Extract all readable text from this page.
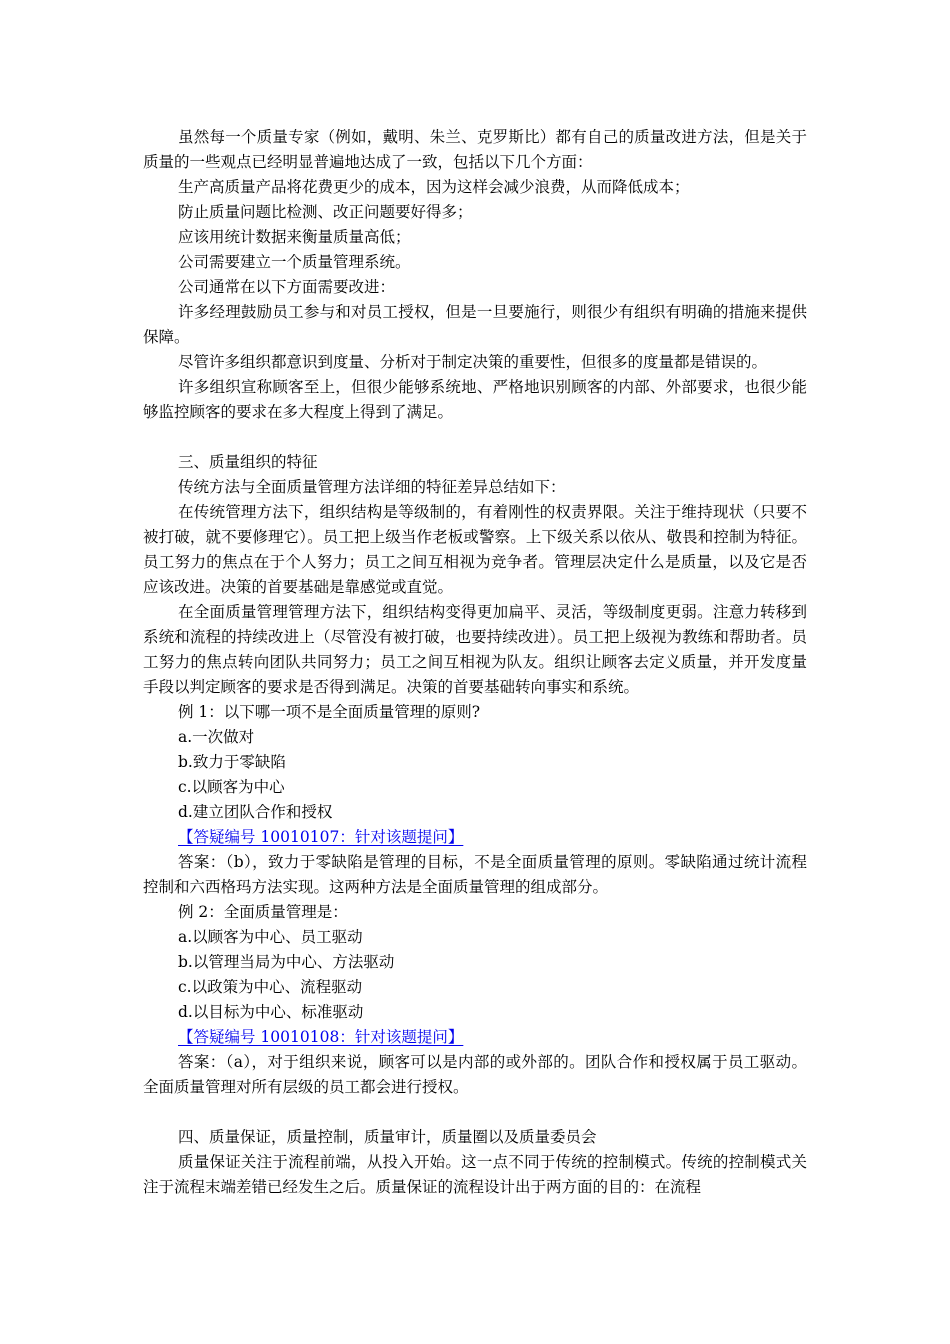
虽然每一个质量专家（例如，戴明、朱兰、克罗斯比）都有自己的质量改进方法，但是关于质量的一些观点已经明显普遍地达成了一致，包括以下几个方面：

生产高质量产品将花费更少的成本，因为这样会减少浪费，从而降低成本；

防止质量问题比检测、改正问题要好得多；

应该用统计数据来衡量质量高低；

公司需要建立一个质量管理系统。

公司通常在以下方面需要改进：

许多经理鼓励员工参与和对员工授权，但是一旦要施行，则很少有组织有明确的措施来提供保障。

尽管许多组织都意识到度量、分析对于制定决策的重要性，但很多的度量都是错误的。

许多组织宣称顾客至上，但很少能够系统地、严格地识别顾客的内部、外部要求，也很少能够监控顾客的要求在多大程度上得到了满足。

三、质量组织的特征

传统方法与全面质量管理方法详细的特征差异总结如下：

在传统管理方法下，组织结构是等级制的，有着刚性的权责界限。关注于维持现状（只要不被打破，就不要修理它）。员工把上级当作老板或警察。上下级关系以依从、敬畏和控制为特征。员工努力的焦点在于个人努力；员工之间互相视为竞争者。管理层决定什么是质量，以及它是否应该改进。决策的首要基础是靠感觉或直觉。

在全面质量管理管理方法下，组织结构变得更加扁平、灵活，等级制度更弱。注意力转移到系统和流程的持续改进上（尽管没有被打破，也要持续改进）。员工把上级视为教练和帮助者。员工努力的焦点转向团队共同努力；员工之间互相视为队友。组织让顾客去定义质量，并开发度量手段以判定顾客的要求是否得到满足。决策的首要基础转向事实和系统。

例 1：以下哪一项不是全面质量管理的原则?

a.一次做对

b.致力于零缺陷

c.以顾客为中心

d.建立团队合作和授权

【答疑编号 10010107：针对该题提问】

答案：（b），致力于零缺陷是管理的目标，不是全面质量管理的原则。零缺陷通过统计流程控制和六西格玛方法实现。这两种方法是全面质量管理的组成部分。

例 2：全面质量管理是：

a.以顾客为中心、员工驱动

b.以管理当局为中心、方法驱动

c.以政策为中心、流程驱动

d.以目标为中心、标准驱动

【答疑编号 10010108：针对该题提问】

答案：（a），对于组织来说，顾客可以是内部的或外部的。团队合作和授权属于员工驱动。全面质量管理对所有层级的员工都会进行授权。

四、质量保证，质量控制，质量审计，质量圈以及质量委员会

质量保证关注于流程前端，从投入开始。这一点不同于传统的控制模式。传统的控制模式关注于流程末端差错已经发生之后。质量保证的流程设计出于两方面的目的：在流程
